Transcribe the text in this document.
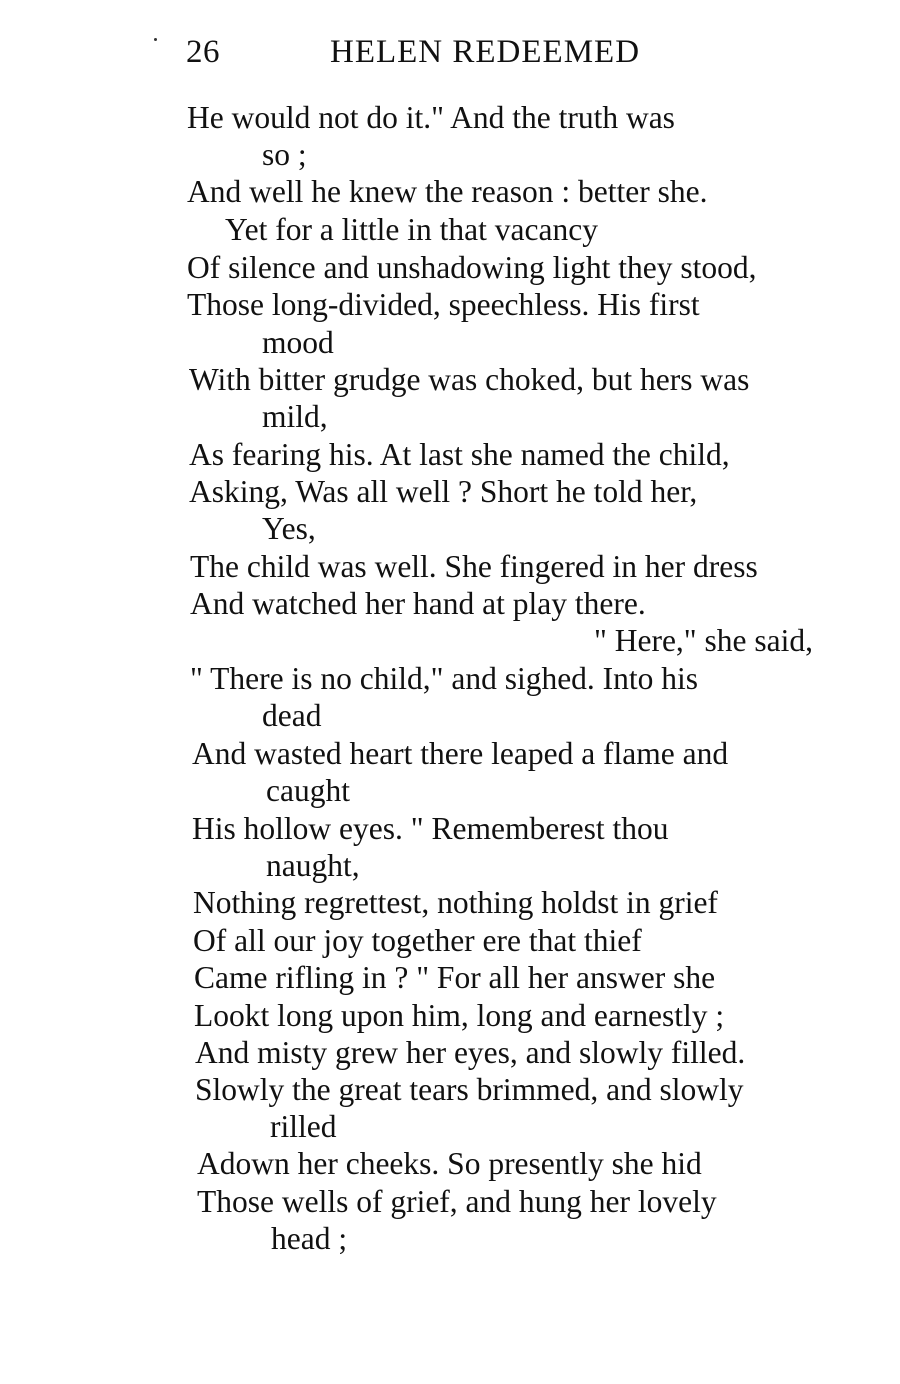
26	HELEN REDEEMED
He would not do it." And the truth was
so ;
And well he knew the reason : better she.
Yet for a little in that vacancy
Of silence and unshadowing light they stood,
Those long-divided, speechless. His first
mood
With bitter grudge was choked, but hers was
mild,
As fearing his. At last she named the child,
Asking, Was all well ? Short he told her,
Yes,
The child was well. She fingered in her dress
And watched her hand at play there.
" Here," she said,
" There is no child," and sighed. Into his
dead
And wasted heart there leaped a flame and
caught
His hollow eyes. " Rememberest thou
naught,
Nothing regrettest, nothing holdst in grief
Of all our joy together ere that thief
Came rifling in ? " For all her answer she
Lookt long upon him, long and earnestly ;
And misty grew her eyes, and slowly filled.
Slowly the great tears brimmed, and slowly
rilled
Adown her cheeks. So presently she hid
Those wells of grief, and hung her lovely
head ;
